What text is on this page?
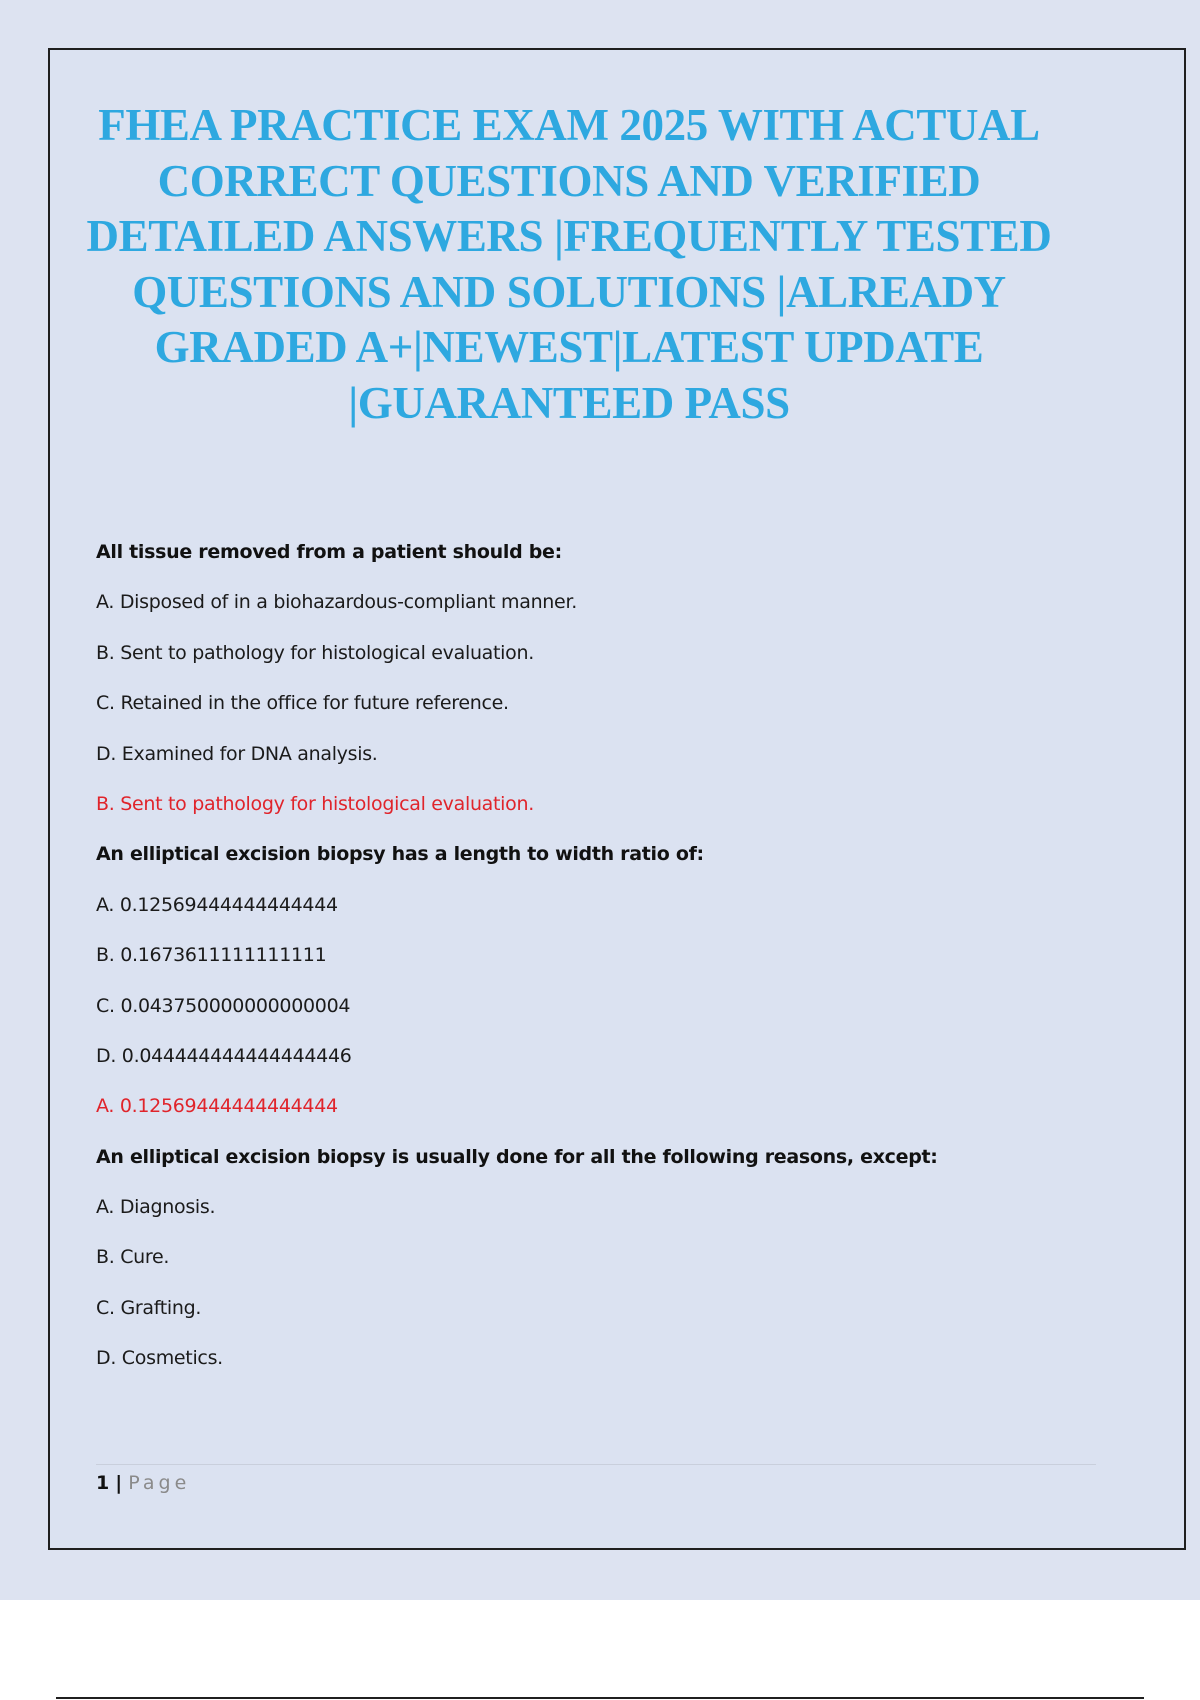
FHEA PRACTICE EXAM 2025 WITH ACTUAL CORRECT QUESTIONS AND VERIFIED DETAILED ANSWERS |FREQUENTLY TESTED QUESTIONS AND SOLUTIONS |ALREADY GRADED A+|NEWEST|LATEST UPDATE |GUARANTEED PASS
All tissue removed from a patient should be:
A. Disposed of in a biohazardous-compliant manner.
B. Sent to pathology for histological evaluation.
C. Retained in the office for future reference.
D. Examined for DNA analysis.
B. Sent to pathology for histological evaluation.
An elliptical excision biopsy has a length to width ratio of:
A. 0.12569444444444444
B. 0.1673611111111111
C. 0.043750000000000004
D. 0.044444444444444446
A. 0.12569444444444444
An elliptical excision biopsy is usually done for all the following reasons, except:
A. Diagnosis.
B. Cure.
C. Grafting.
D. Cosmetics.
1 | Page
